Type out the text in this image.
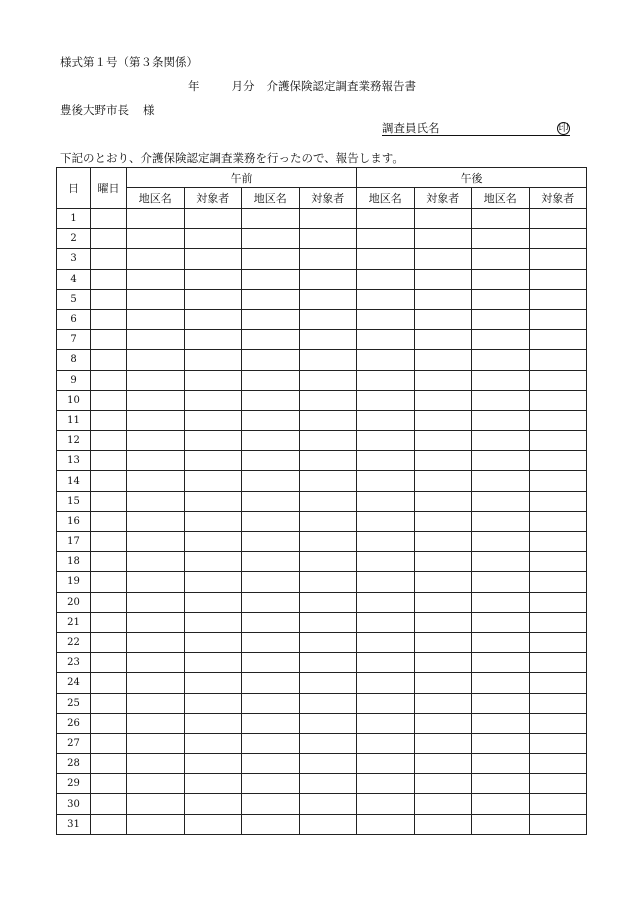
様式第１号（第３条関係）
年	月分 介護保険認定調査業務報告書
豊後大野市長 様
調査員氏名	印
下記のとおり、介護保険認定調査業務を行ったので、報告します。
日	曜日	午前				午後			
		地区名	対象者	地区名	対象者	地区名	対象者	地区名	対象者
1									
2									
3									
4									
5									
6									
7									
8									
9									
10									
11									
12									
13									
14									
15									
16									
17									
18									
19									
20									
21									
22									
23									
24									
25									
26									
27									
28									
29									
30									
31									
